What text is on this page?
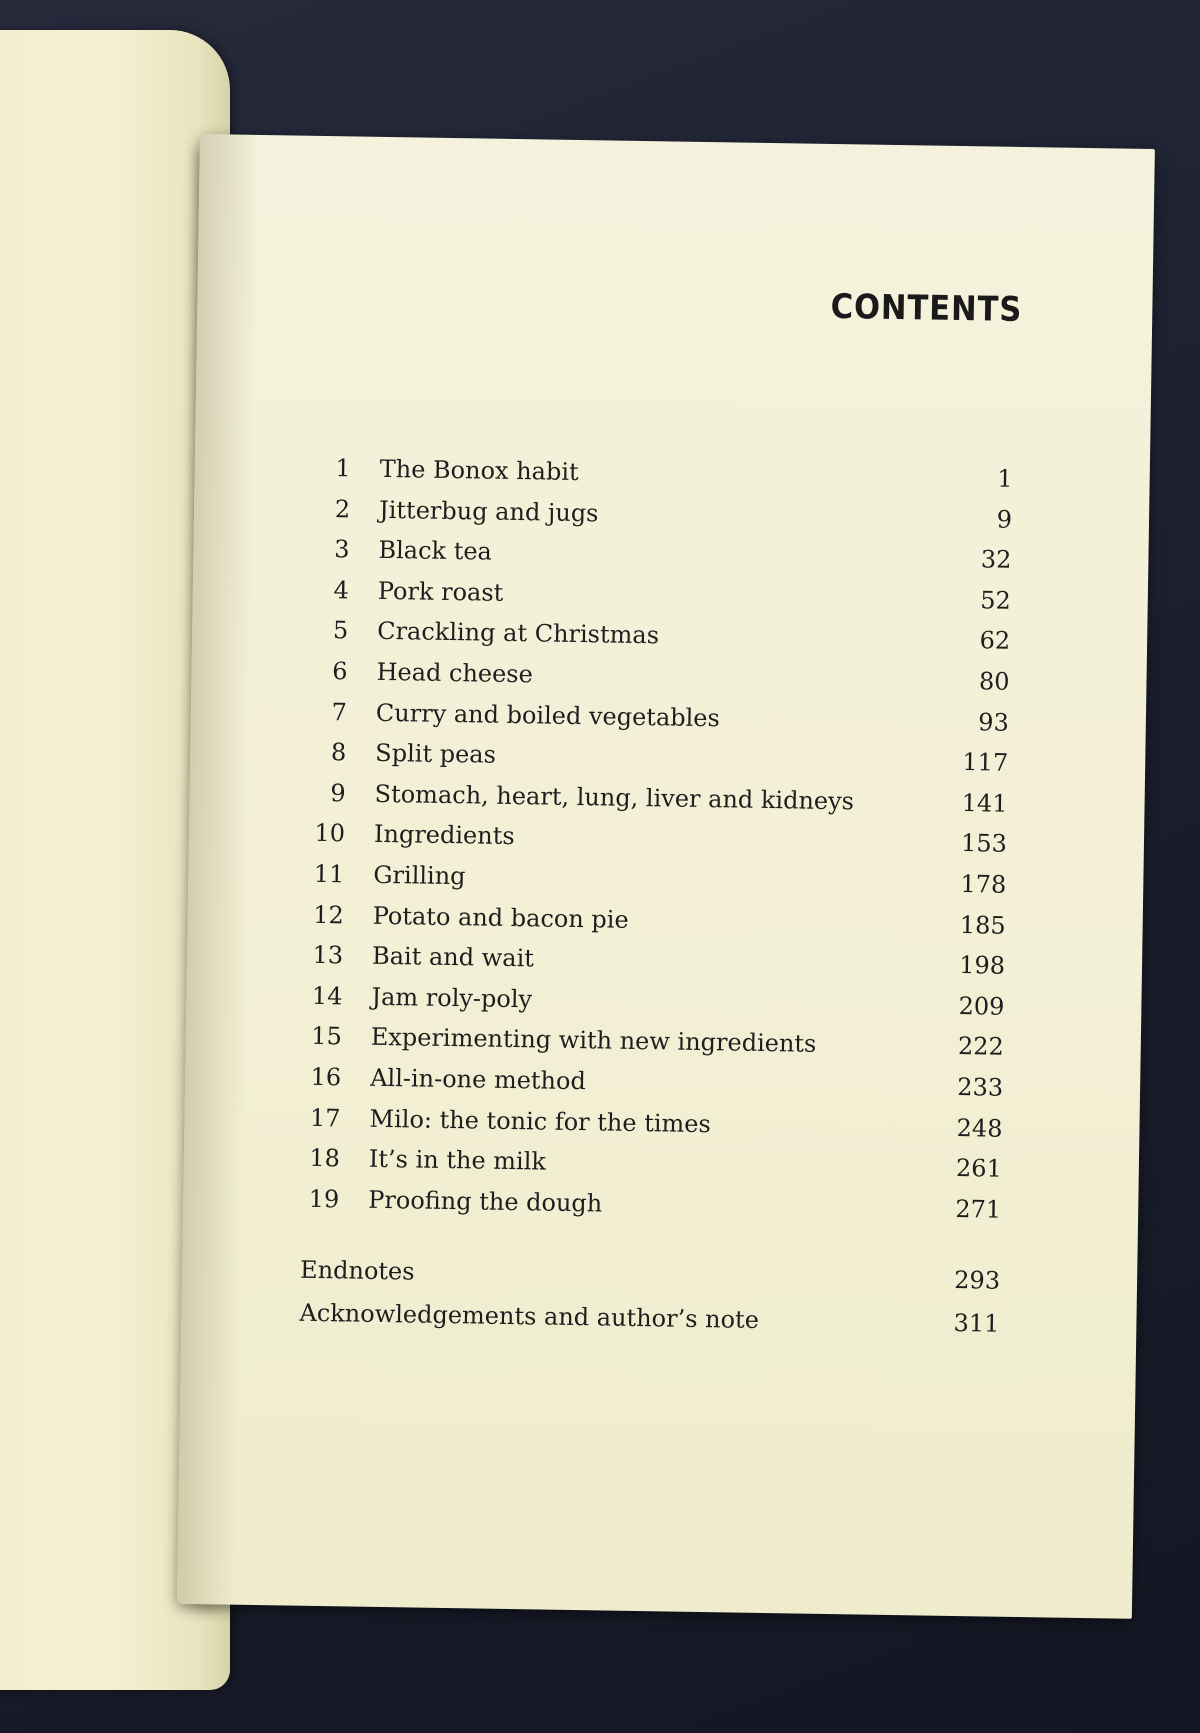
CONTENTS
1 The Bonox habit	1
2 Jitterbug and jugs	9
3 Black tea	32
4 Pork roast	52
5 Crackling at Christmas	62
6 Head cheese	80
7 Curry and boiled vegetables	93
8 Split peas	117
9 Stomach, heart, lung, liver and kidneys	141
10 Ingredients	153
11 Grilling	178
12 Potato and bacon pie	185
13 Bait and wait	198
14 Jam roly-poly	209
15 Experimenting with new ingredients	222
16 All-in-one method	233
17 Milo: the tonic for the times	248
18 It’s in the milk	261
19 Proofing the dough	271
Endnotes	293
Acknowledgements and author’s note	311
